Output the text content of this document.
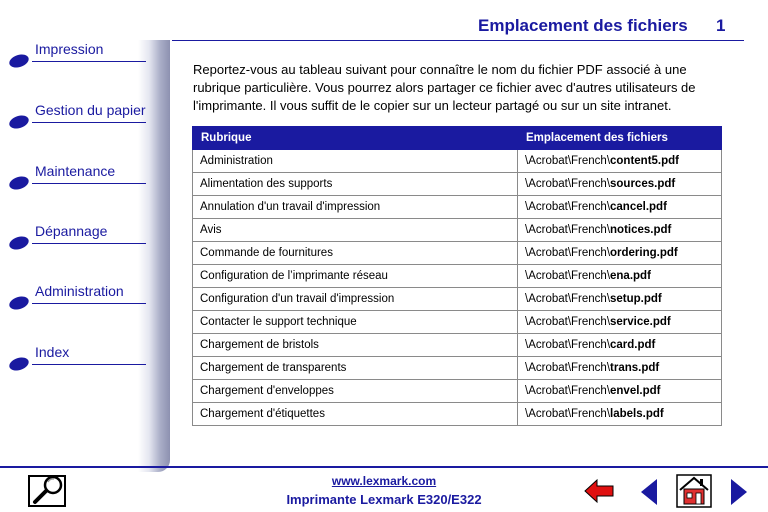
Impression
Gestion du papier
Maintenance
Dépannage
Administration
Index
Emplacement des fichiers 1

Reportez-vous au tableau suivant pour connaître le nom du fichier PDF associé à une rubrique particulière. Vous pourrez alors partager ce fichier avec d'autres utilisateurs de l'imprimante. Il vous suffit de le copier sur un lecteur partagé ou sur un site intranet.

Rubrique	Emplacement des fichiers
Administration	\Acrobat\French\content5.pdf
Alimentation des supports	\Acrobat\French\sources.pdf
Annulation d'un travail d'impression	\Acrobat\French\cancel.pdf
Avis	\Acrobat\French\notices.pdf
Commande de fournitures	\Acrobat\French\ordering.pdf
Configuration de l’imprimante réseau	\Acrobat\French\ena.pdf
Configuration d'un travail d'impression	\Acrobat\French\setup.pdf
Contacter le support technique	\Acrobat\French\service.pdf
Chargement de bristols	\Acrobat\French\card.pdf
Chargement de transparents	\Acrobat\French\trans.pdf
Chargement d'enveloppes	\Acrobat\French\envel.pdf
Chargement d'étiquettes	\Acrobat\French\labels.pdf
www.lexmark.com
Imprimante Lexmark E320/E322
